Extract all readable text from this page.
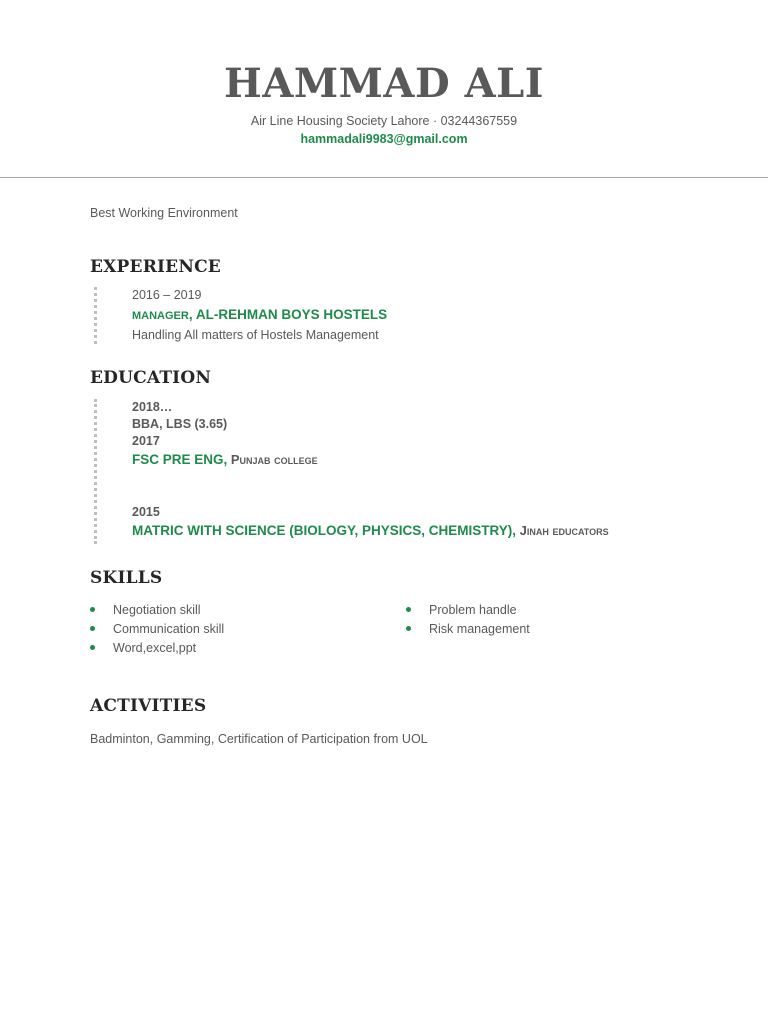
HAMMAD ALI
Air Line Housing Society Lahore · 03244367559
hammadali9983@gmail.com

Best Working Environment

EXPERIENCE
2016 – 2019
MANAGER, AL-REHMAN BOYS HOSTELS
Handling All matters of Hostels Management
EDUCATION
2018…
BBA, LBS (3.65)
2017
FSC PRE ENG, Punjab college
2015
MATRIC WITH SCIENCE (BIOLOGY, PHYSICS, CHEMISTRY), Jinah educators
SKILLS
Negotiation skill	Problem handle
Communication skill	Risk management
Word,excel,ppt
ACTIVITIES
Badminton, Gamming, Certification of Participation from UOL
